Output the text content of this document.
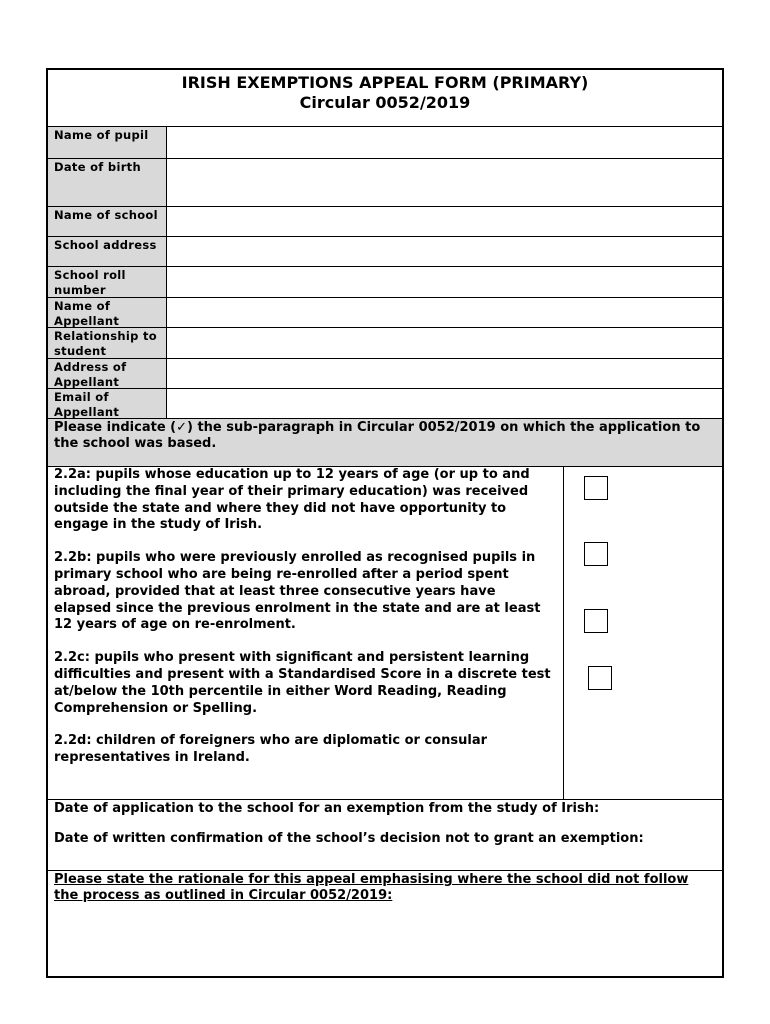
IRISH EXEMPTIONS APPEAL FORM (PRIMARY)
Circular 0052/2019
Name of pupil
Date of birth
Name of school
School address
School roll number
Name of Appellant
Relationship to student
Address of Appellant
Email of Appellant
Please indicate (✓) the sub-paragraph in Circular 0052/2019 on which the application to the school was based.

2.2a: pupils whose education up to 12 years of age (or up to and including the final year of their primary education) was received outside the state and where they did not have opportunity to engage in the study of Irish.

2.2b: pupils who were previously enrolled as recognised pupils in primary school who are being re-enrolled after a period spent abroad, provided that at least three consecutive years have elapsed since the previous enrolment in the state and are at least 12 years of age on re-enrolment.

2.2c: pupils who present with significant and persistent learning difficulties and present with a Standardised Score in a discrete test at/below the 10th percentile in either Word Reading, Reading Comprehension or Spelling.

2.2d: children of foreigners who are diplomatic or consular representatives in Ireland.

Date of application to the school for an exemption from the study of Irish:

Date of written confirmation of the school’s decision not to grant an exemption:

Please state the rationale for this appeal emphasising where the school did not follow the process as outlined in Circular 0052/2019:
